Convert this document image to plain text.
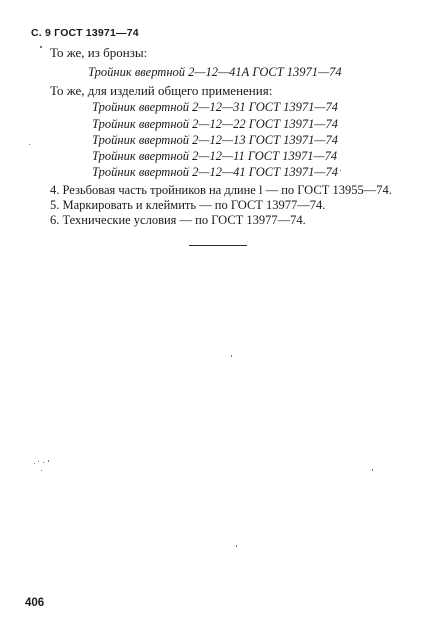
С. 9 ГОСТ 13971—74
То же, из бронзы:
Тройник ввертной 2—12—41А ГОСТ 13971—74
То же, для изделий общего применения:
Тройник ввертной 2—12—31 ГОСТ 13971—74
Тройник ввертной 2—12—22 ГОСТ 13971—74
Тройник ввертной 2—12—13 ГОСТ 13971—74
Тройник ввертной 2—12—11 ГОСТ 13971—74
Тройник ввертной 2—12—41 ГОСТ 13971—74
4. Резьбовая часть тройников на длине l — по ГОСТ 13955—74.
5. Маркировать и клеймить — по ГОСТ 13977—74.
6. Технические условия — по ГОСТ 13977—74.
406
